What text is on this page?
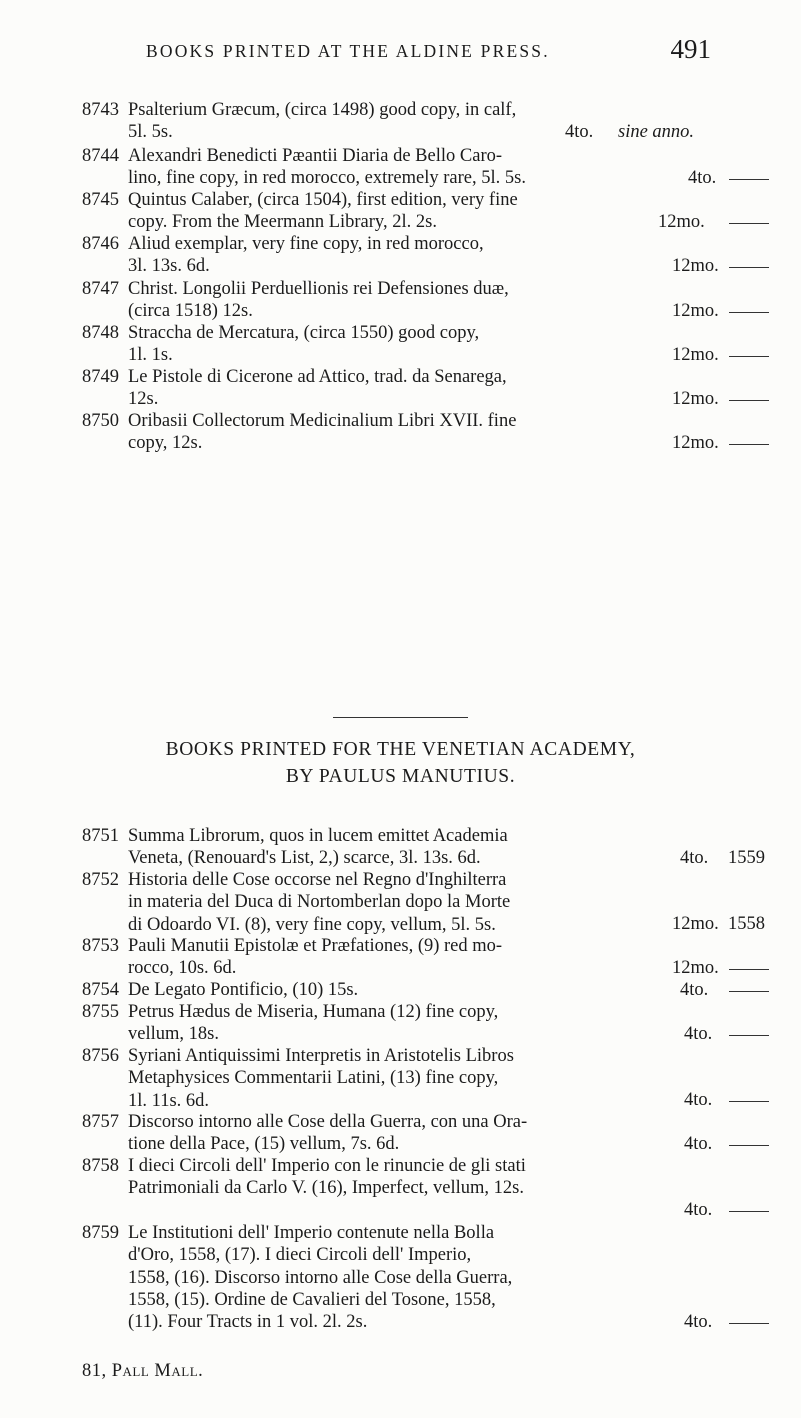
BOOKS PRINTED AT THE ALDINE PRESS.	491
8743 Psalterium Græcum, (circa 1498) good copy, in calf,
5l. 5s.	4to. sine anno.
8744 Alexandri Benedicti Pæantii Diaria de Bello Caro-
lino, fine copy, in red morocco, extremely rare, 5l. 5s.	4to.
8745 Quintus Calaber, (circa 1504), first edition, very fine
copy. From the Meermann Library, 2l. 2s.	12mo.
8746 Aliud exemplar, very fine copy, in red morocco,
3l. 13s. 6d.	12mo.
8747 Christ. Longolii Perduellionis rei Defensiones duæ,
(circa 1518) 12s.	12mo.
8748 Straccha de Mercatura, (circa 1550) good copy,
1l. 1s.	12mo.
8749 Le Pistole di Cicerone ad Attico, trad. da Senarega,
12s.	12mo.
8750 Oribasii Collectorum Medicinalium Libri XVII. fine
copy, 12s.	12mo.
BOOKS PRINTED FOR THE VENETIAN ACADEMY,
BY PAULUS MANUTIUS.
8751 Summa Librorum, quos in lucem emittet Academia
Veneta, (Renouard's List, 2,) scarce, 3l. 13s. 6d.	4to. 1559
8752 Historia delle Cose occorse nel Regno d'Inghilterra
in materia del Duca di Nortomberlan dopo la Morte
di Odoardo VI. (8), very fine copy, vellum, 5l. 5s.	12mo. 1558
8753 Pauli Manutii Epistolæ et Præfationes, (9) red mo-
rocco, 10s. 6d.	12mo.
8754 De Legato Pontificio, (10) 15s.	4to.
8755 Petrus Hædus de Miseria, Humana (12) fine copy,
vellum, 18s.	4to.
8756 Syriani Antiquissimi Interpretis in Aristotelis Libros
Metaphysices Commentarii Latini, (13) fine copy,
1l. 11s. 6d.	4to.
8757 Discorso intorno alle Cose della Guerra, con una Ora-
tione della Pace, (15) vellum, 7s. 6d.	4to.
8758 I dieci Circoli dell' Imperio con le rinuncie de gli stati
Patrimoniali da Carlo V. (16), Imperfect, vellum, 12s.
4to.
8759 Le Institutioni dell' Imperio contenute nella Bolla
d'Oro, 1558, (17). I dieci Circoli dell' Imperio,
1558, (16). Discorso intorno alle Cose della Guerra,
1558, (15). Ordine de Cavalieri del Tosone, 1558,
(11). Four Tracts in 1 vol. 2l. 2s.	4to.
81, Pall Mall.
